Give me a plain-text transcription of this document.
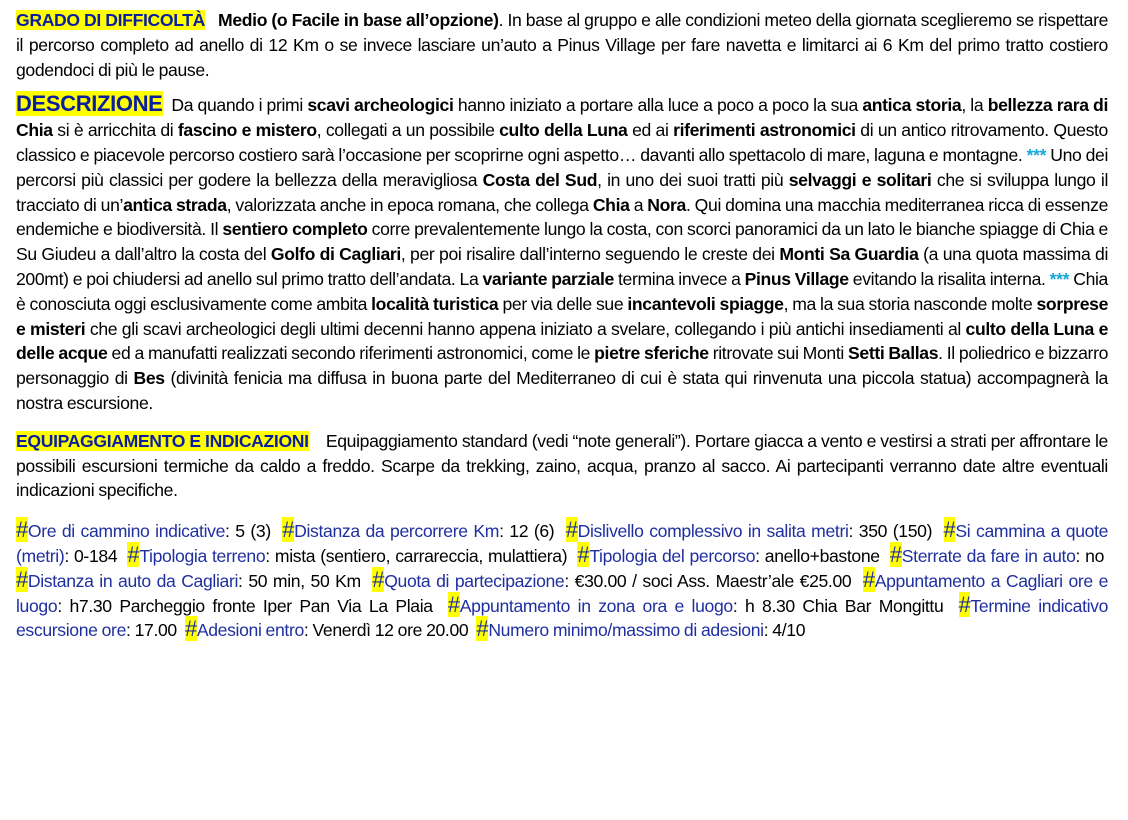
GRADO DI DIFFICOLTÀ Medio (o Facile in base all’opzione). In base al gruppo e alle condizioni meteo della giornata sceglieremo se rispettare il percorso completo ad anello di 12 Km o se invece lasciare un’auto a Pinus Village per fare navetta e limitarci ai 6 Km del primo tratto costiero godendoci di più le pause.

DESCRIZIONE Da quando i primi scavi archeologici hanno iniziato a portare alla luce a poco a poco la sua antica storia, la bellezza rara di Chia si è arricchita di fascino e mistero, collegati a un possibile culto della Luna ed ai riferimenti astronomici di un antico ritrovamento. Questo classico e piacevole percorso costiero sarà l’occasione per scoprirne ogni aspetto… davanti allo spettacolo di mare, laguna e montagne. *** Uno dei percorsi più classici per godere la bellezza della meravigliosa Costa del Sud, in uno dei suoi tratti più selvaggi e solitari che si sviluppa lungo il tracciato di un’antica strada, valorizzata anche in epoca romana, che collega Chia a Nora. Qui domina una macchia mediterranea ricca di essenze endemiche e biodiversità. Il sentiero completo corre prevalentemente lungo la costa, con scorci panoramici da un lato le bianche spiagge di Chia e Su Giudeu a dall’altro la costa del Golfo di Cagliari, per poi risalire dall’interno seguendo le creste dei Monti Sa Guardia (a una quota massima di 200mt) e poi chiudersi ad anello sul primo tratto dell’andata. La variante parziale termina invece a Pinus Village evitando la risalita interna. *** Chia è conosciuta oggi esclusivamente come ambita località turistica per via delle sue incantevoli spiagge, ma la sua storia nasconde molte sorprese e misteri che gli scavi archeologici degli ultimi decenni hanno appena iniziato a svelare, collegando i più antichi insediamenti al culto della Luna e delle acque ed a manufatti realizzati secondo riferimenti astronomici, come le pietre sferiche ritrovate sui Monti Setti Ballas. Il poliedrico e bizzarro personaggio di Bes (divinità fenicia ma diffusa in buona parte del Mediterraneo di cui è stata qui rinvenuta una piccola statua) accompagnerà la nostra escursione.

EQUIPAGGIAMENTO E INDICAZIONI Equipaggiamento standard (vedi “note generali”). Portare giacca a vento e vestirsi a strati per affrontare le possibili escursioni termiche da caldo a freddo. Scarpe da trekking, zaino, acqua, pranzo al sacco. Ai partecipanti verranno date altre eventuali indicazioni specifiche.

#Ore di cammino indicative: 5 (3) #Distanza da percorrere Km: 12 (6) #Dislivello complessivo in salita metri: 350 (150) #Si cammina a quote (metri): 0-184 #Tipologia terreno: mista (sentiero, carrareccia, mulattiera) #Tipologia del percorso: anello+bastone #Sterrate da fare in auto: no  #Distanza in auto da Cagliari: 50 min, 50 Km #Quota di partecipazione: €30.00 / soci Ass. Maestr’ale €25.00 #Appuntamento a Cagliari ore e luogo: h7.30 Parcheggio fronte Iper Pan Via La Plaia #Appuntamento in zona ora e luogo: h 8.30 Chia Bar Mongittu #Termine indicativo escursione ore: 17.00 #Adesioni entro: Venerdì 12 ore 20.00 #Numero minimo/massimo di adesioni: 4/10
